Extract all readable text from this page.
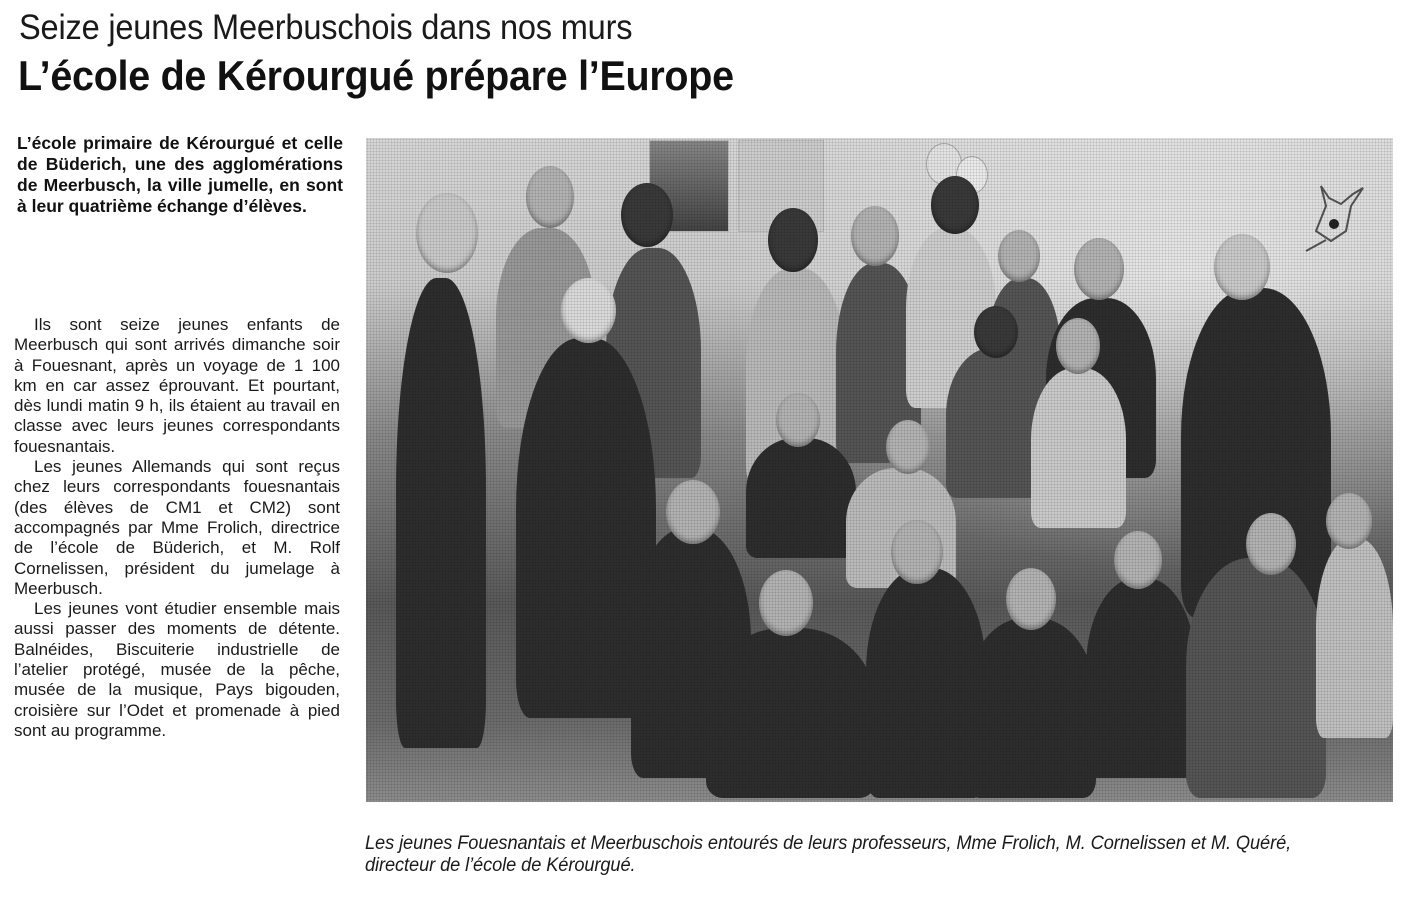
Seize jeunes Meerbuschois dans nos murs
L’école de Kérourgué prépare l’Europe

L’école primaire de Kérourgué et celle de Büderich, une des agglomérations de Meerbusch, la ville jumelle, en sont à leur quatrième échange d’élèves.

Ils sont seize jeunes enfants de Meerbusch qui sont arrivés dimanche soir à Fouesnant, après un voyage de 1 100 km en car assez éprouvant. Et pourtant, dès lundi matin 9 h, ils étaient au travail en classe avec leurs jeunes correspondants fouesnantais.

Les jeunes Allemands qui sont reçus chez leurs correspondants fouesnantais (des élèves de CM1 et CM2) sont accompagnés par Mme Frolich, directrice de l’école de Büderich, et M. Rolf Cornelissen, président du jumelage à Meerbusch.

Les jeunes vont étudier ensemble mais aussi passer des moments de détente. Balnéides, Biscuiterie industrielle de l’atelier protégé, musée de la pêche, musée de la musique, Pays bigouden, croisière sur l’Odet et promenade à pied sont au programme.

Les jeunes Fouesnantais et Meerbuschois entourés de leurs professeurs, Mme Frolich, M. Cornelissen et M. Quéré, directeur de l’école de Kérourgué.
